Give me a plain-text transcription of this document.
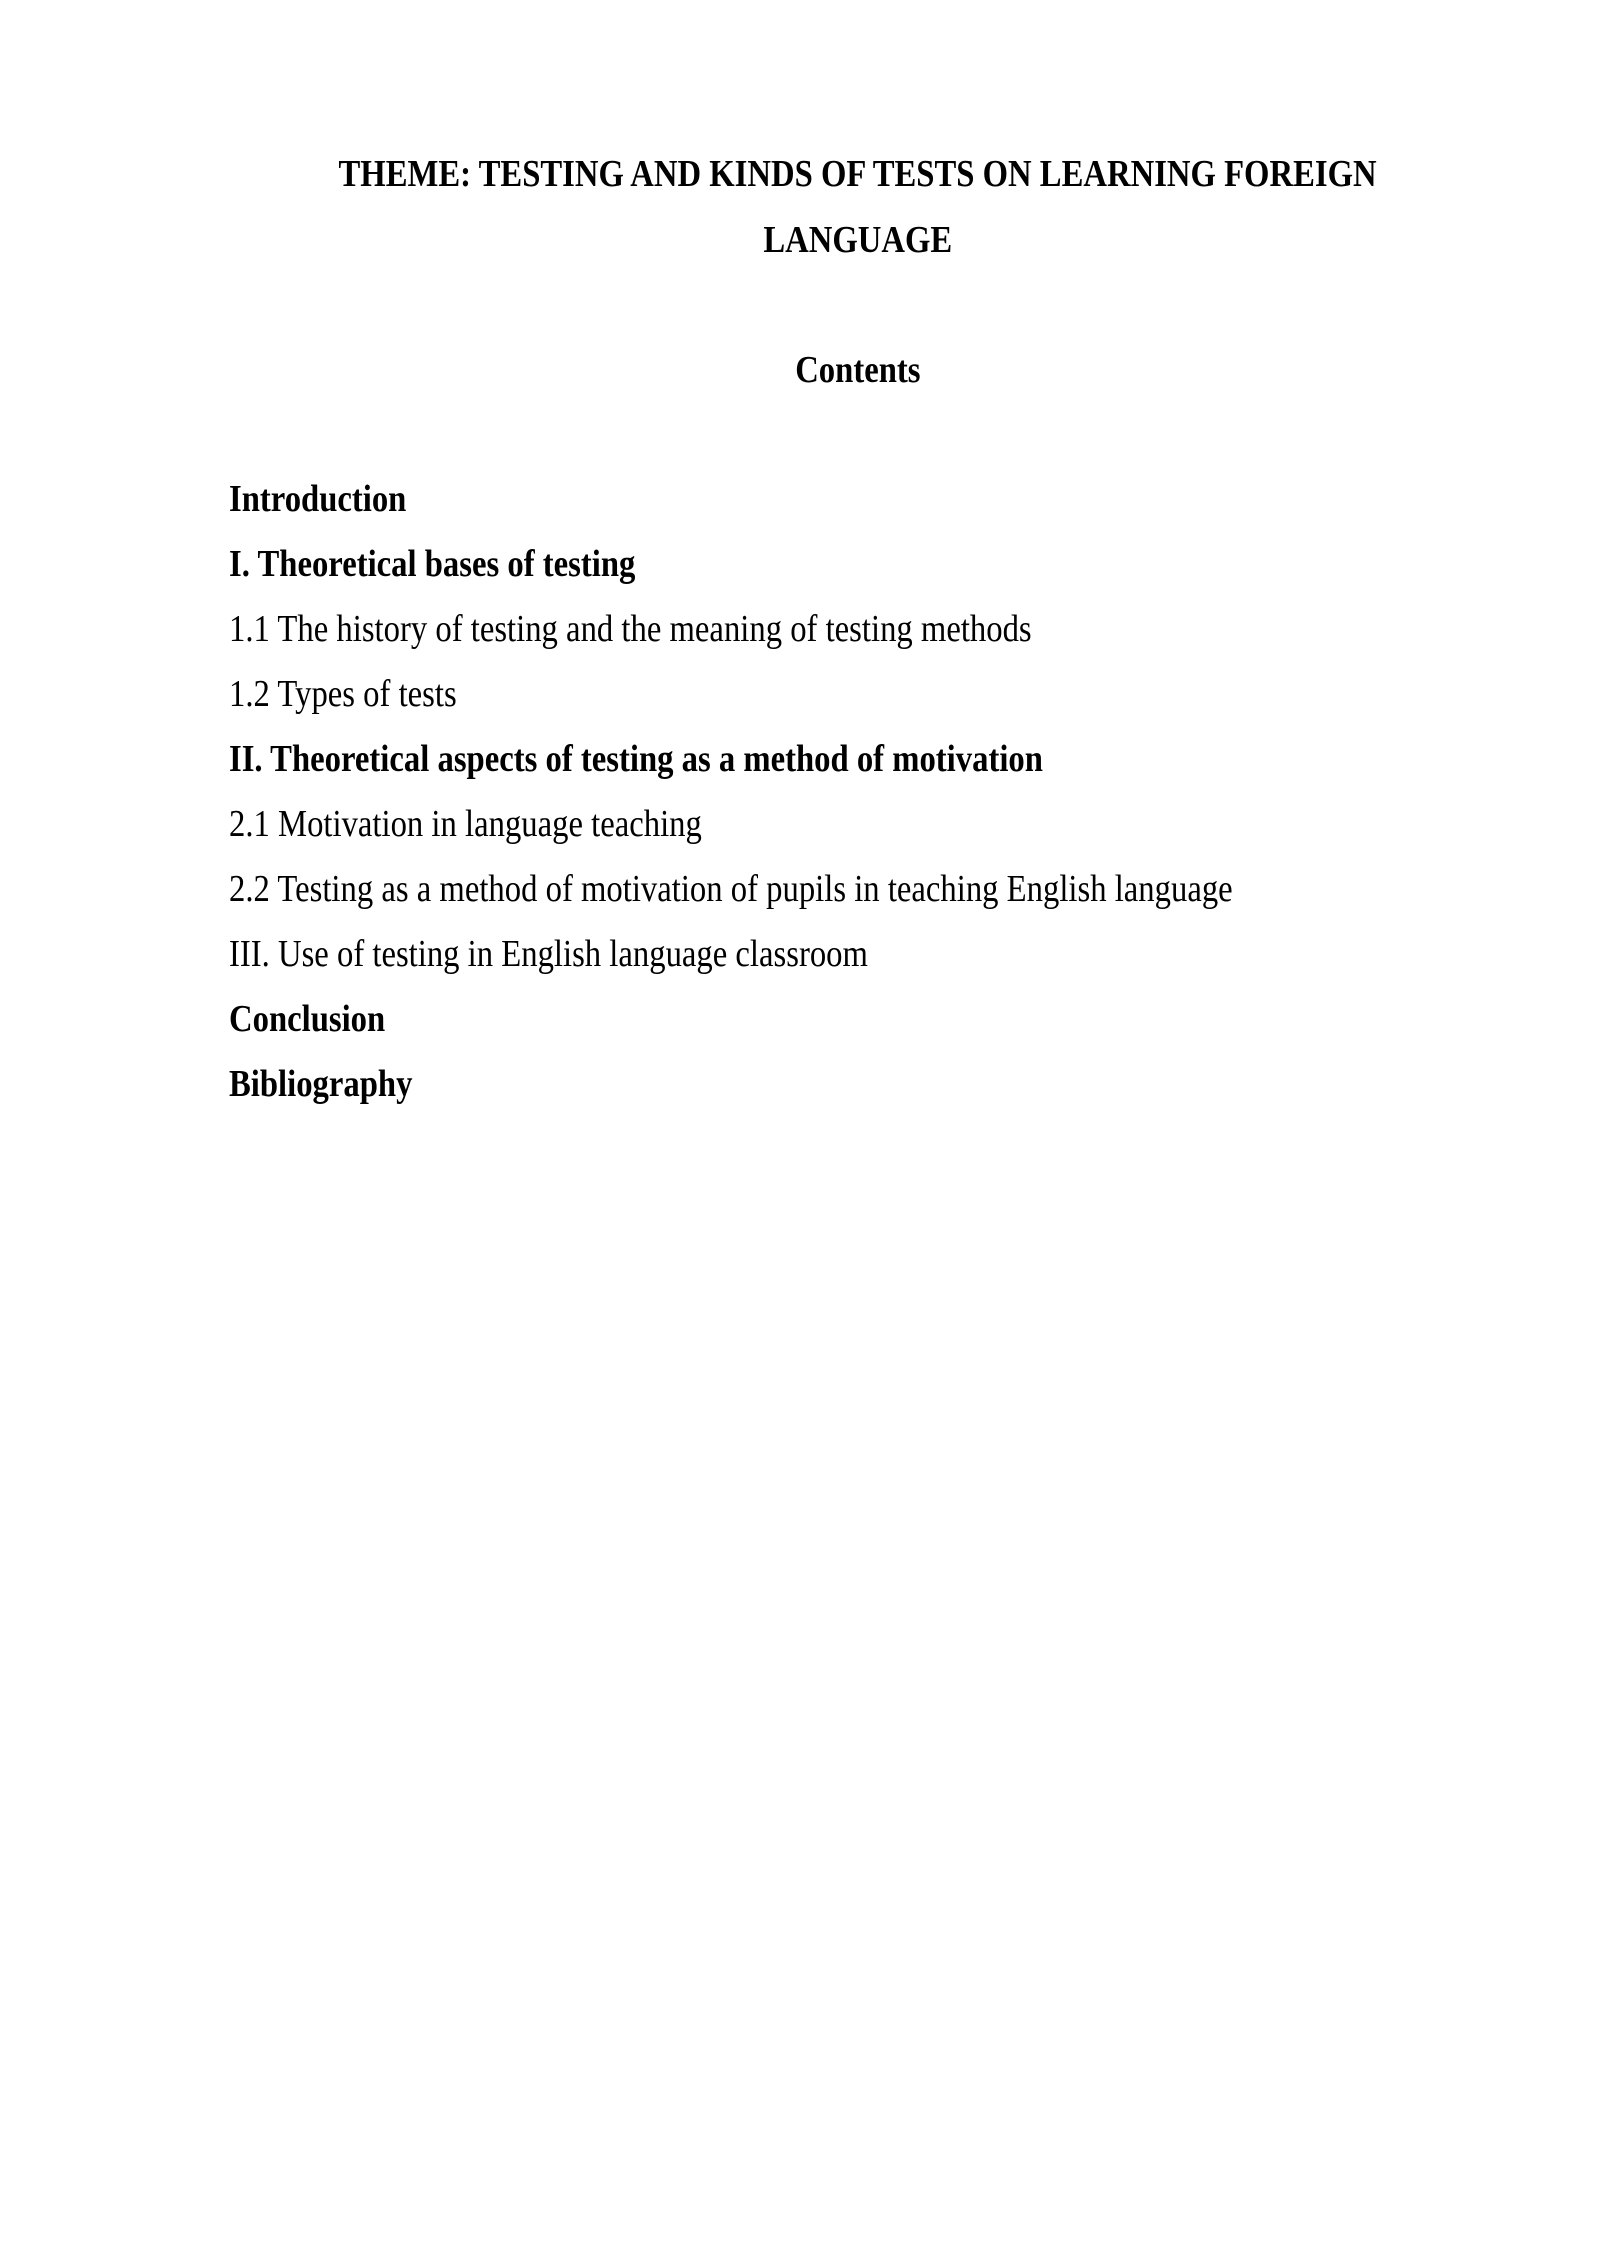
THEME: TESTING AND KINDS OF TESTS ON LEARNING FOREIGN
LANGUAGE
Contents
Introduction
I. Theoretical bases of testing
1.1 The history of testing and the meaning of testing methods
1.2 Types of tests
II. Theoretical aspects of testing as a method of motivation
2.1 Motivation in language teaching
2.2 Testing as a method of motivation of pupils in teaching English language
III. Use of testing in English language classroom
Conclusion
Bibliography
